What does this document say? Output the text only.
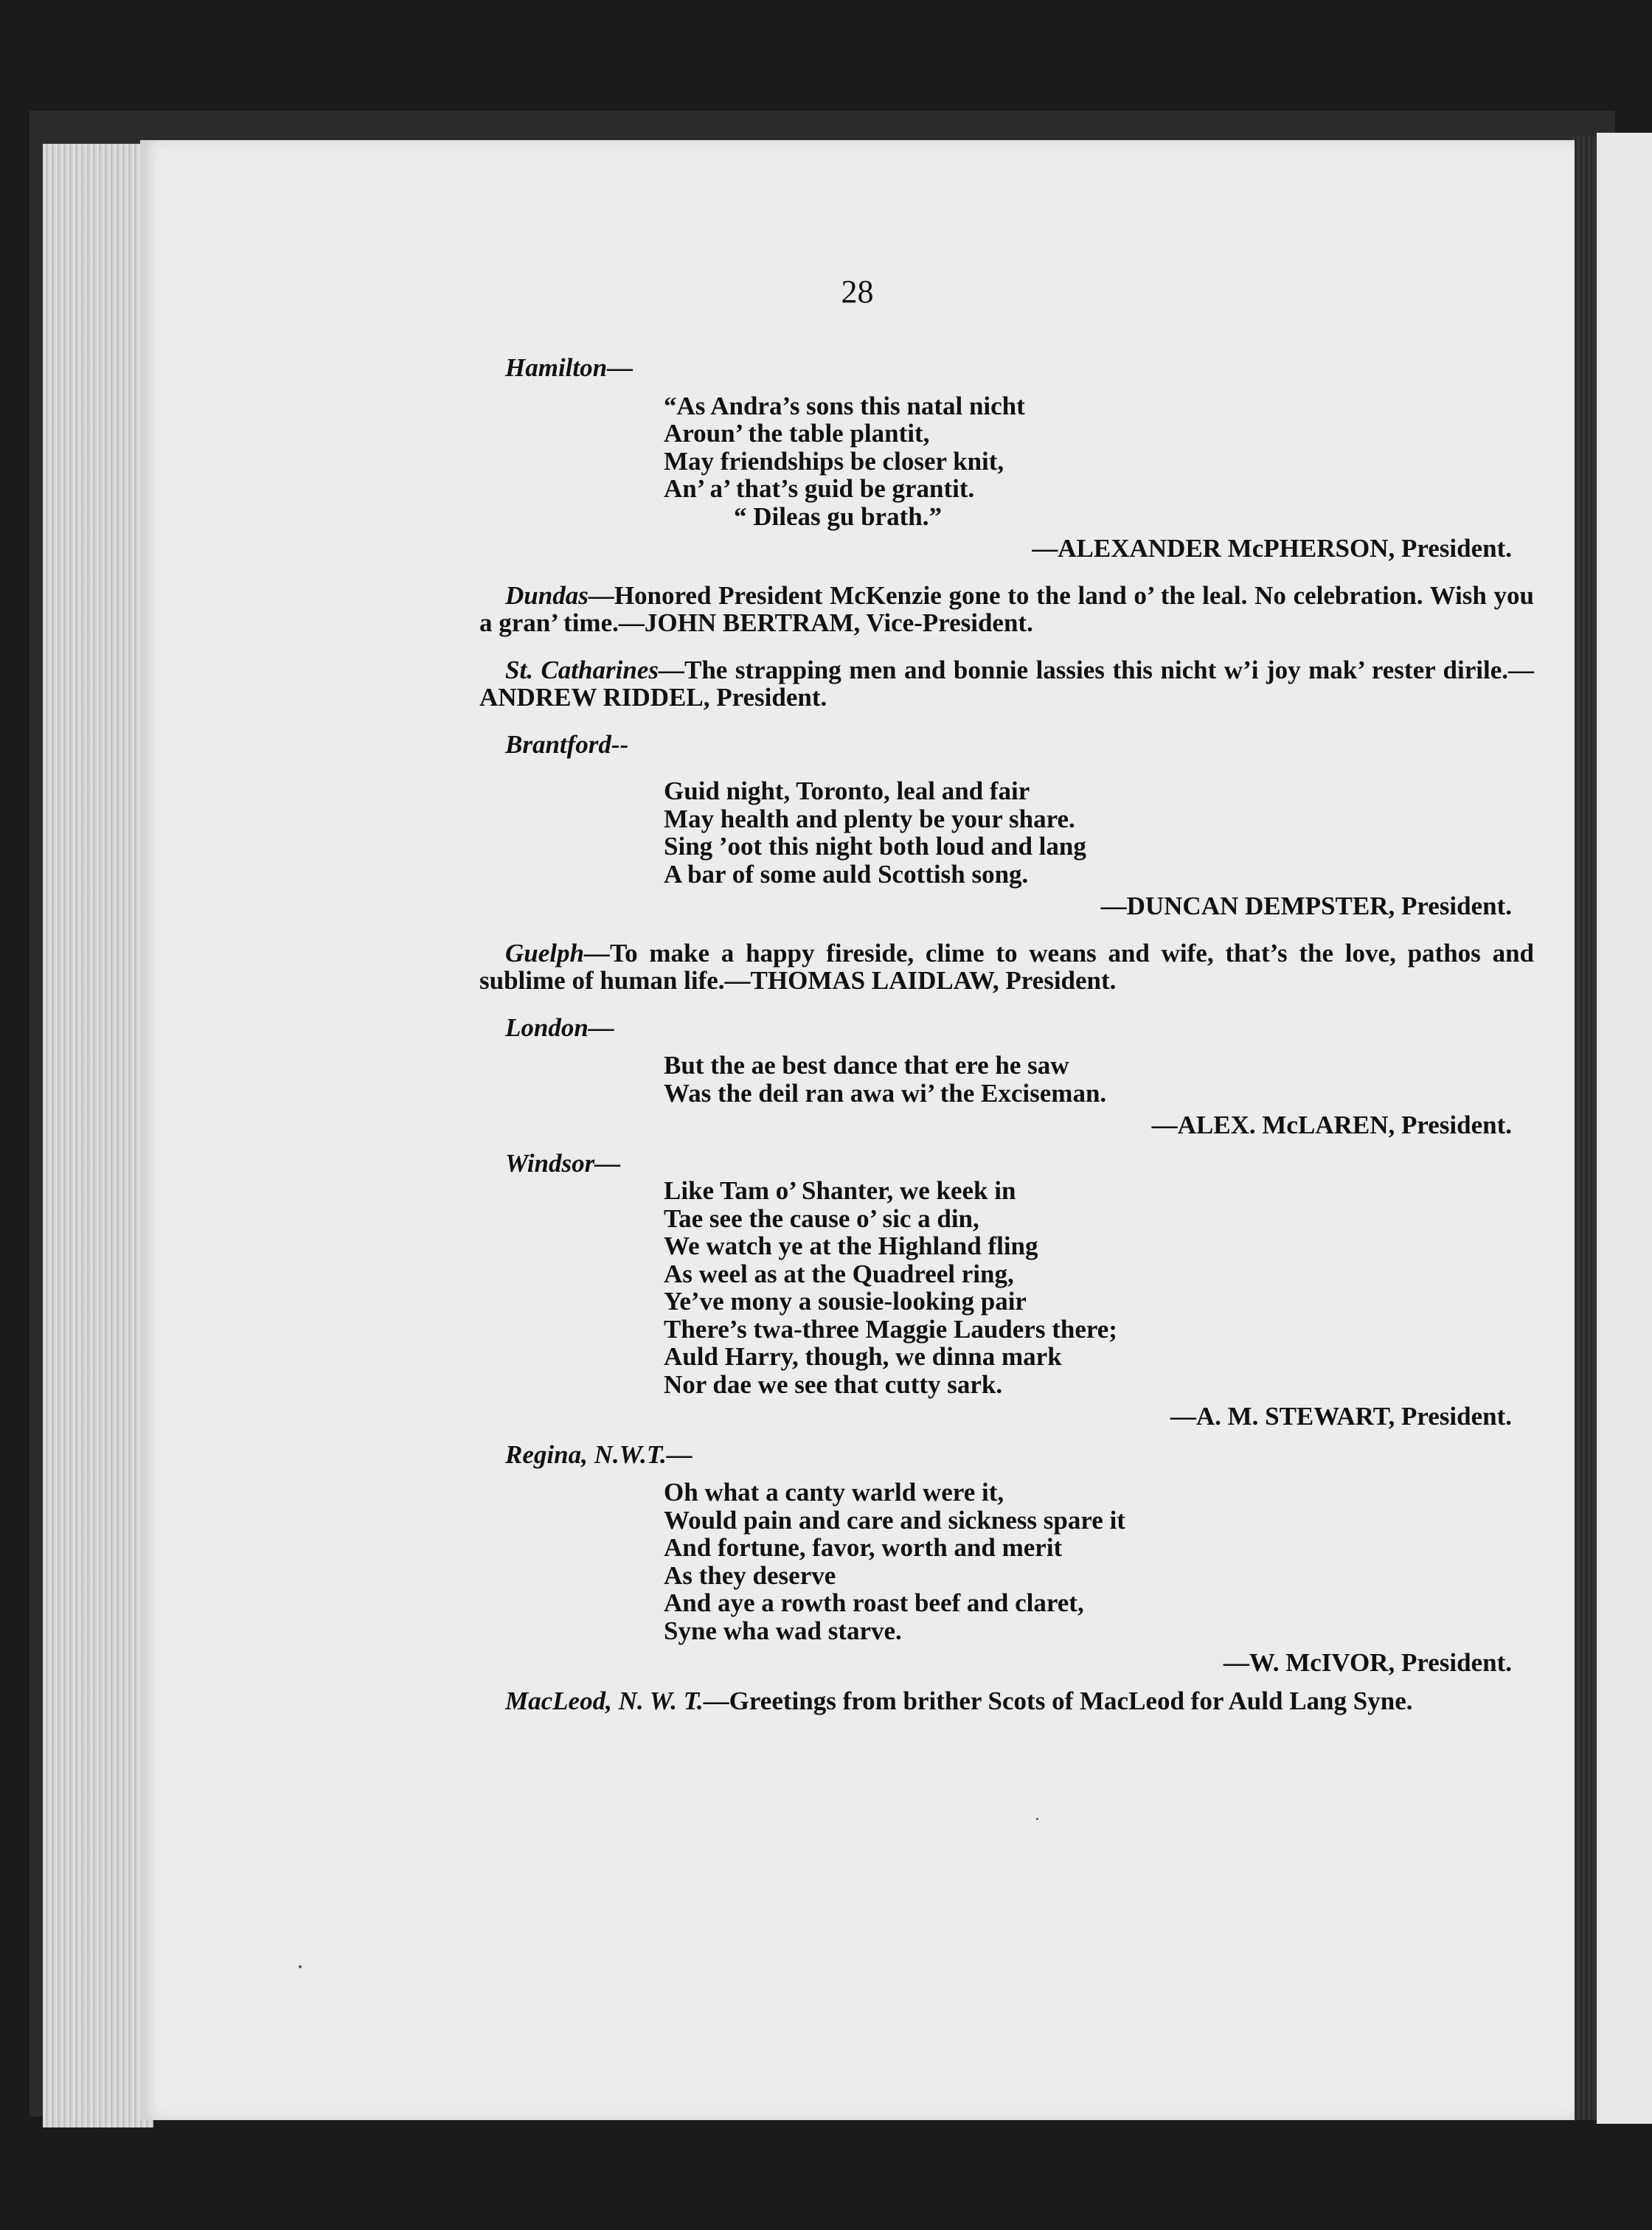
28

Hamilton—

“As Andra’s sons this natal nicht
Aroun’ the table plantit,
May friendships be closer knit,
An’ a’ that’s guid be grantit.
“ Dileas gu brath.”

—ALEXANDER McPHERSON, President.

Dundas—Honored President McKenzie gone to the land o’ the leal. No celebration. Wish you a gran’ time.—JOHN BERTRAM, Vice-President.

St. Catharines—The strapping men and bonnie lassies this nicht w’i joy mak’ rester dirile.—ANDREW RIDDEL, President.

Brantford--

Guid night, Toronto, leal and fair
May health and plenty be your share.
Sing ’oot this night both loud and lang
A bar of some auld Scottish song.

—DUNCAN DEMPSTER, President.

Guelph—To make a happy fireside, clime to weans and wife, that’s the love, pathos and sublime of human life.—THOMAS LAIDLAW, President.

London—

But the ae best dance that ere he saw
Was the deil ran awa wi’ the Exciseman.

—ALEX. McLAREN, President.

Windsor—

Like Tam o’ Shanter, we keek in
Tae see the cause o’ sic a din,
We watch ye at the Highland fling
As weel as at the Quadreel ring,
Ye’ve mony a sousie-looking pair
There’s twa-three Maggie Lauders there;
Auld Harry, though, we dinna mark
Nor dae we see that cutty sark.

—A. M. STEWART, President.

Regina, N.W.T.—

Oh what a canty warld were it,
Would pain and care and sickness spare it
And fortune, favor, worth and merit
As they deserve
And aye a rowth roast beef and claret,
Syne wha wad starve.

—W. McIVOR, President.

MacLeod, N. W. T.—Greetings from brither Scots of MacLeod for Auld Lang Syne.
